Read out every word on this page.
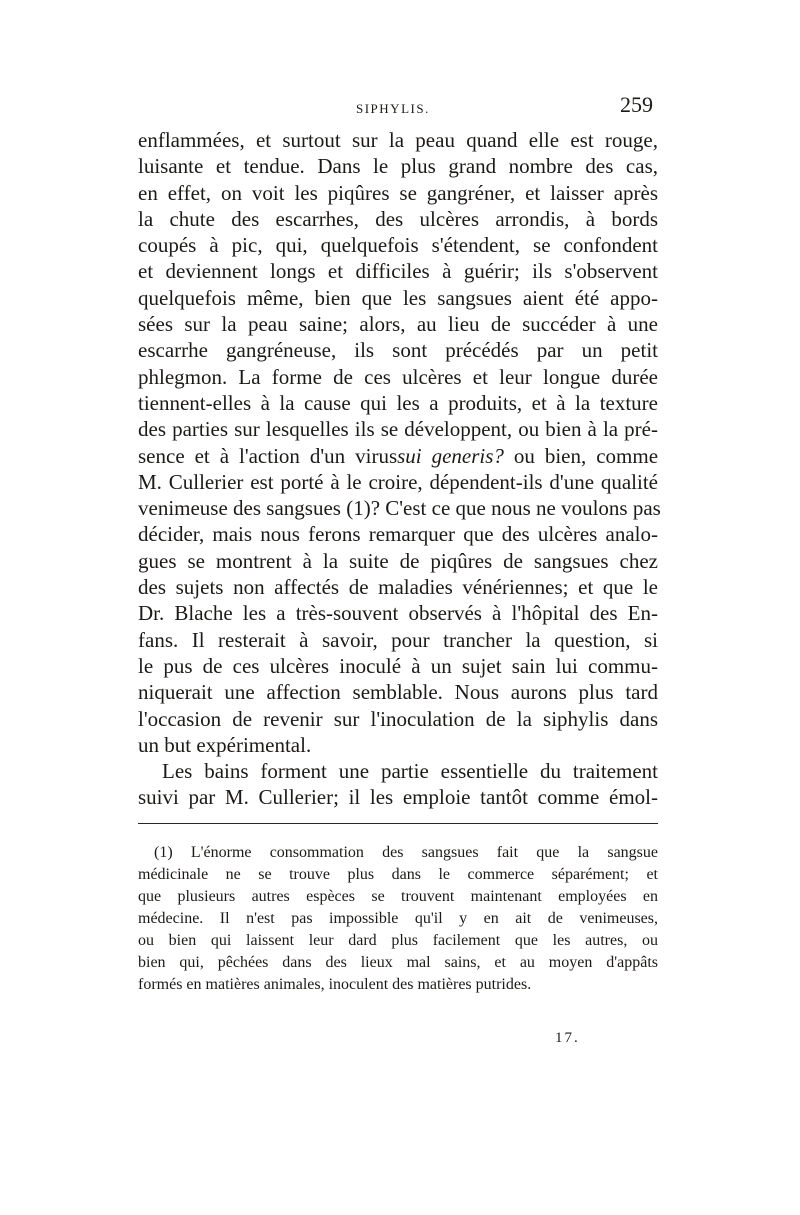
SIPHYLIS.	259
enflammées, et surtout sur la peau quand elle est rouge,
luisante et tendue. Dans le plus grand nombre des cas,
en effet, on voit les piqûres se gangréner, et laisser après
la chute des escarrhes, des ulcères arrondis, à bords
coupés à pic, qui, quelquefois s'étendent, se confondent
et deviennent longs et difficiles à guérir; ils s'observent
quelquefois même, bien que les sangsues aient été appo-
sées sur la peau saine; alors, au lieu de succéder à une
escarrhe gangréneuse, ils sont précédés par un petit
phlegmon. La forme de ces ulcères et leur longue durée
tiennent-elles à la cause qui les a produits, et à la texture
des parties sur lesquelles ils se développent, ou bien à la pré-
sence et à l'action d'un virussui generis? ou bien, comme
M. Cullerier est porté à le croire, dépendent-ils d'une qualité
venimeuse des sangsues (1)? C'est ce que nous ne voulons pas
décider, mais nous ferons remarquer que des ulcères analo-
gues se montrent à la suite de piqûres de sangsues chez
des sujets non affectés de maladies vénériennes; et que le
Dr. Blache les a très-souvent observés à l'hôpital des En-
fans. Il resterait à savoir, pour trancher la question, si
le pus de ces ulcères inoculé à un sujet sain lui commu-
niquerait une affection semblable. Nous aurons plus tard
l'occasion de revenir sur l'inoculation de la siphylis dans
un but expérimental.
Les bains forment une partie essentielle du traitement
suivi par M. Cullerier; il les emploie tantôt comme émol-
(1) L'énorme consommation des sangsues fait que la sangsue
médicinale ne se trouve plus dans le commerce séparément; et
que plusieurs autres espèces se trouvent maintenant employées en
médecine. Il n'est pas impossible qu'il y en ait de venimeuses,
ou bien qui laissent leur dard plus facilement que les autres, ou
bien qui, pêchées dans des lieux mal sains, et au moyen d'appâts
formés en matières animales, inoculent des matières putrides.
17.
